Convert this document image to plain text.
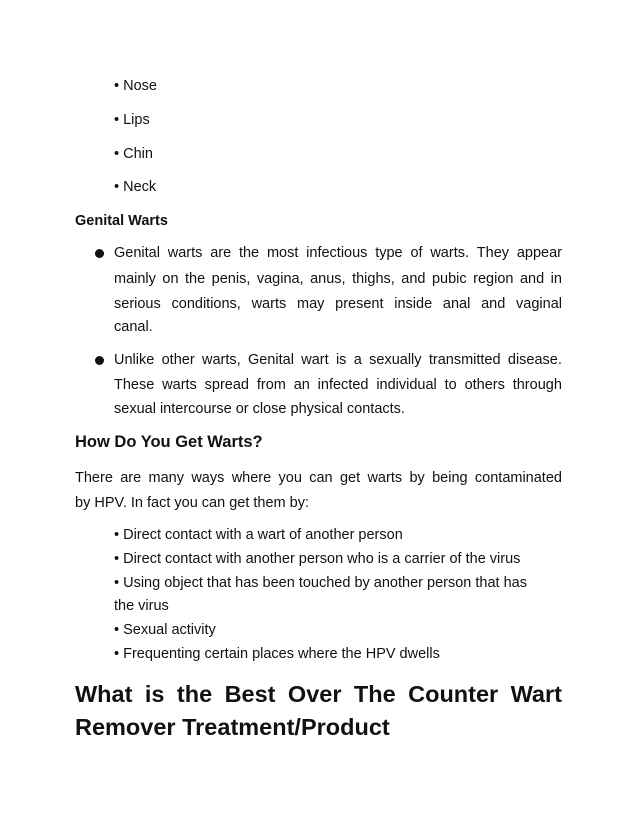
• Nose
• Lips
• Chin
• Neck
Genital Warts
Genital warts are the most infectious type of warts. They appear
mainly on the penis, vagina, anus, thighs, and pubic region and in
serious conditions, warts may present inside anal and vaginal
canal.
Unlike other warts, Genital wart is a sexually transmitted disease.
These warts spread from an infected individual to others through
sexual intercourse or close physical contacts.
How Do You Get Warts?
There are many ways where you can get warts by being contaminated
by HPV. In fact you can get them by:
• Direct contact with a wart of another person
• Direct contact with another person who is a carrier of the virus
• Using object that has been touched by another person that has
the virus
• Sexual activity
• Frequenting certain places where the HPV dwells
What is the Best Over The Counter Wart
Remover Treatment/Product
